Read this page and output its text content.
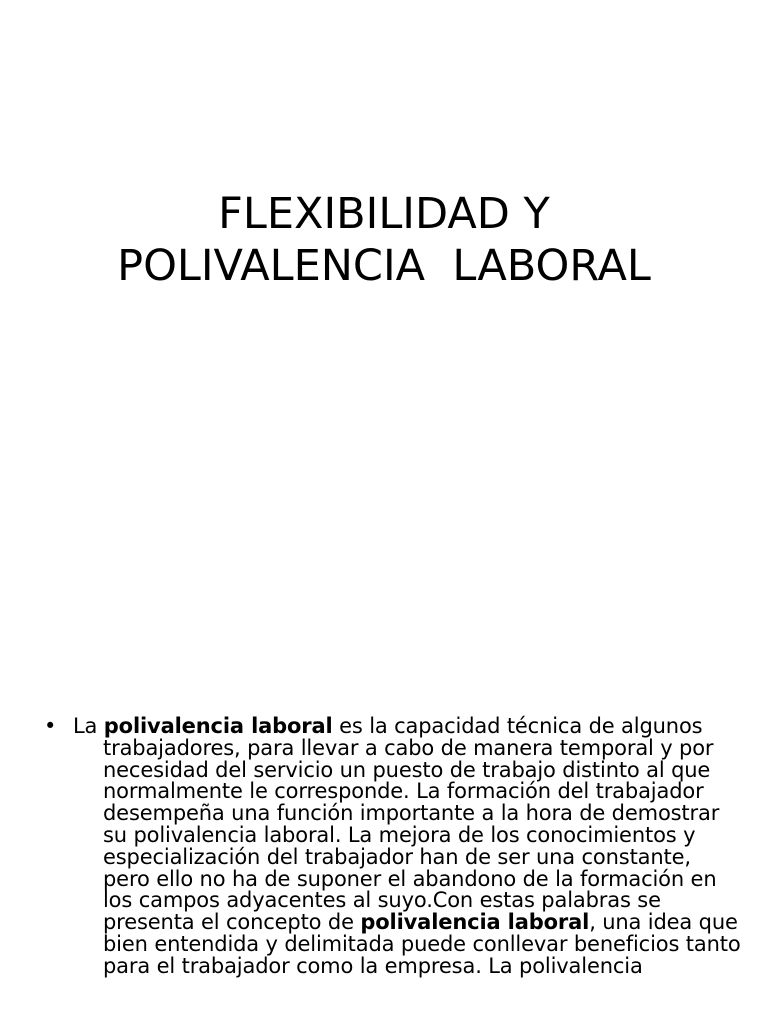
FLEXIBILIDAD Y
POLIVALENCIA  LABORAL
• La polivalencia laboral es la capacidad técnica de algunos trabajadores, para llevar a cabo de manera temporal y por necesidad del servicio un puesto de trabajo distinto al que normalmente le corresponde. La formación del trabajador desempeña una función importante a la hora de demostrar su polivalencia laboral. La mejora de los conocimientos y especialización del trabajador han de ser una constante, pero ello no ha de suponer el abandono de la formación en los campos adyacentes al suyo.Con estas palabras se presenta el concepto de polivalencia laboral, una idea que bien entendida y delimitada puede conllevar beneficios tanto para el trabajador como la empresa. La polivalencia
